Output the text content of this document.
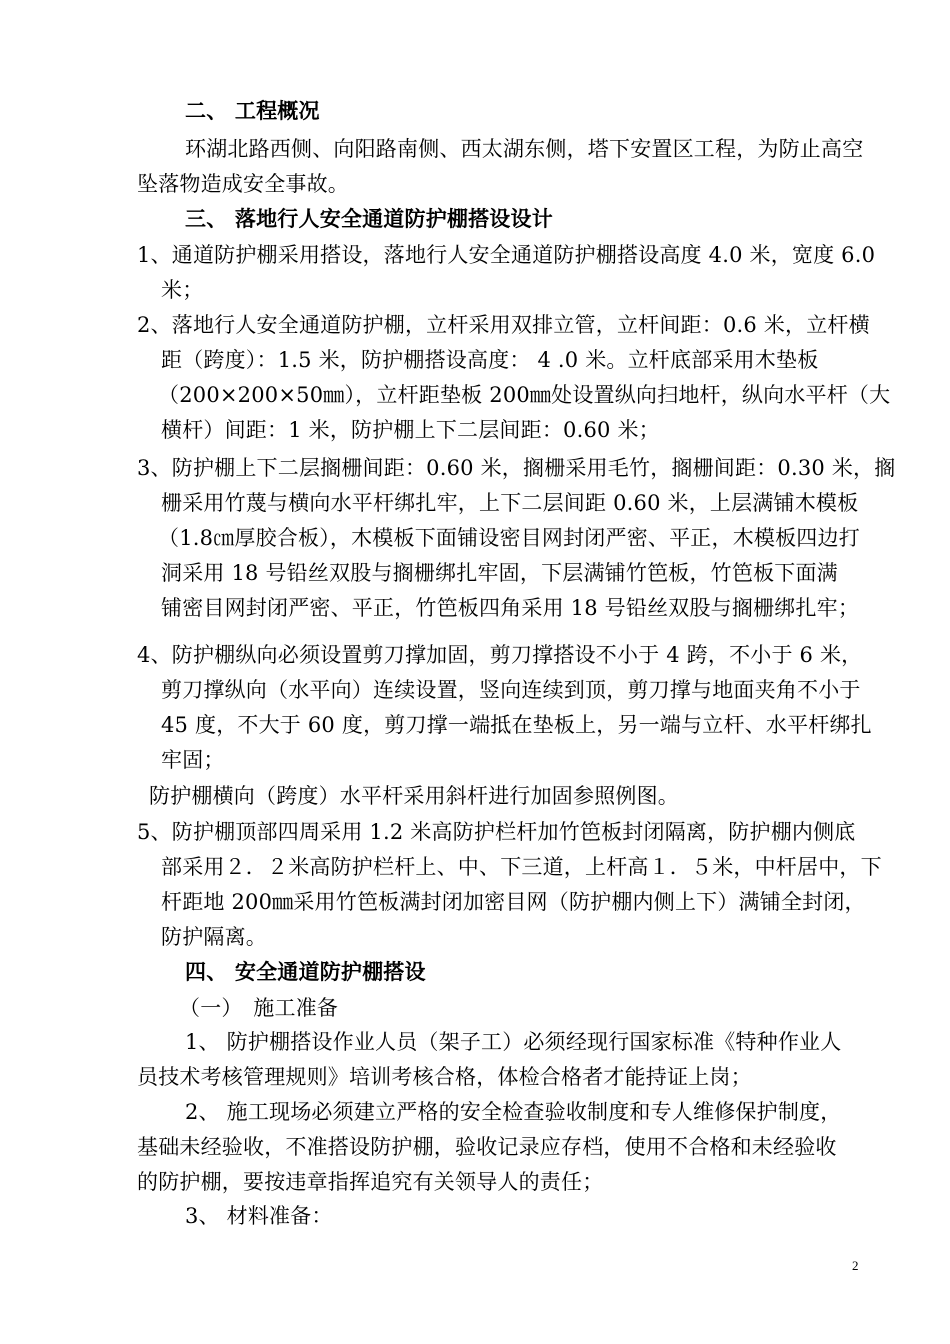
二、 工程概况
环湖北路西侧、向阳路南侧、西太湖东侧，塔下安置区工程，为防止高空
坠落物造成安全事故。
三、 落地行人安全通道防护棚搭设设计
1、通道防护棚采用搭设，落地行人安全通道防护棚搭设高度 4.0 米，宽度 6.0
米；
2、落地行人安全通道防护棚，立杆采用双排立管，立杆间距：0.6 米，立杆横
距（跨度）：1.5 米，防护棚搭设高度： 4 .0 米。立杆底部采用木垫板
（200×200×50㎜），立杆距垫板 200㎜处设置纵向扫地杆，纵向水平杆（大
横杆）间距：1 米，防护棚上下二层间距：0.60 米；
3、防护棚上下二层搁栅间距：0.60 米，搁栅采用毛竹，搁栅间距：0.30 米，搁
栅采用竹蔑与横向水平杆绑扎牢，上下二层间距 0.60 米，上层满铺木模板
（1.8㎝厚胶合板），木模板下面铺设密目网封闭严密、平正，木模板四边打
洞采用 18 号铅丝双股与搁栅绑扎牢固，下层满铺竹笆板，竹笆板下面满
铺密目网封闭严密、平正，竹笆板四角采用 18 号铅丝双股与搁栅绑扎牢；
4、防护棚纵向必须设置剪刀撑加固，剪刀撑搭设不小于 4 跨，不小于 6 米，
剪刀撑纵向（水平向）连续设置，竖向连续到顶，剪刀撑与地面夹角不小于
45 度，不大于 60 度，剪刀撑一端抵在垫板上，另一端与立杆、水平杆绑扎
牢固；
防护棚横向（跨度）水平杆采用斜杆进行加固参照例图。
5、防护棚顶部四周采用 1.2 米高防护栏杆加竹笆板封闭隔离，防护棚内侧底
部采用２．２米高防护栏杆上、中、下三道，上杆高１．５米，中杆居中，下
杆距地 200㎜采用竹笆板满封闭加密目网（防护棚内侧上下）满铺全封闭，
防护隔离。
四、 安全通道防护棚搭设
（一）　施工准备
1、 防护棚搭设作业人员（架子工）必须经现行国家标准《特种作业人
员技术考核管理规则》培训考核合格，体检合格者才能持证上岗；
2、 施工现场必须建立严格的安全检查验收制度和专人维修保护制度，
基础未经验收，不准搭设防护棚，验收记录应存档，使用不合格和未经验收
的防护棚，要按违章指挥追究有关领导人的责任；
3、 材料准备：
2
